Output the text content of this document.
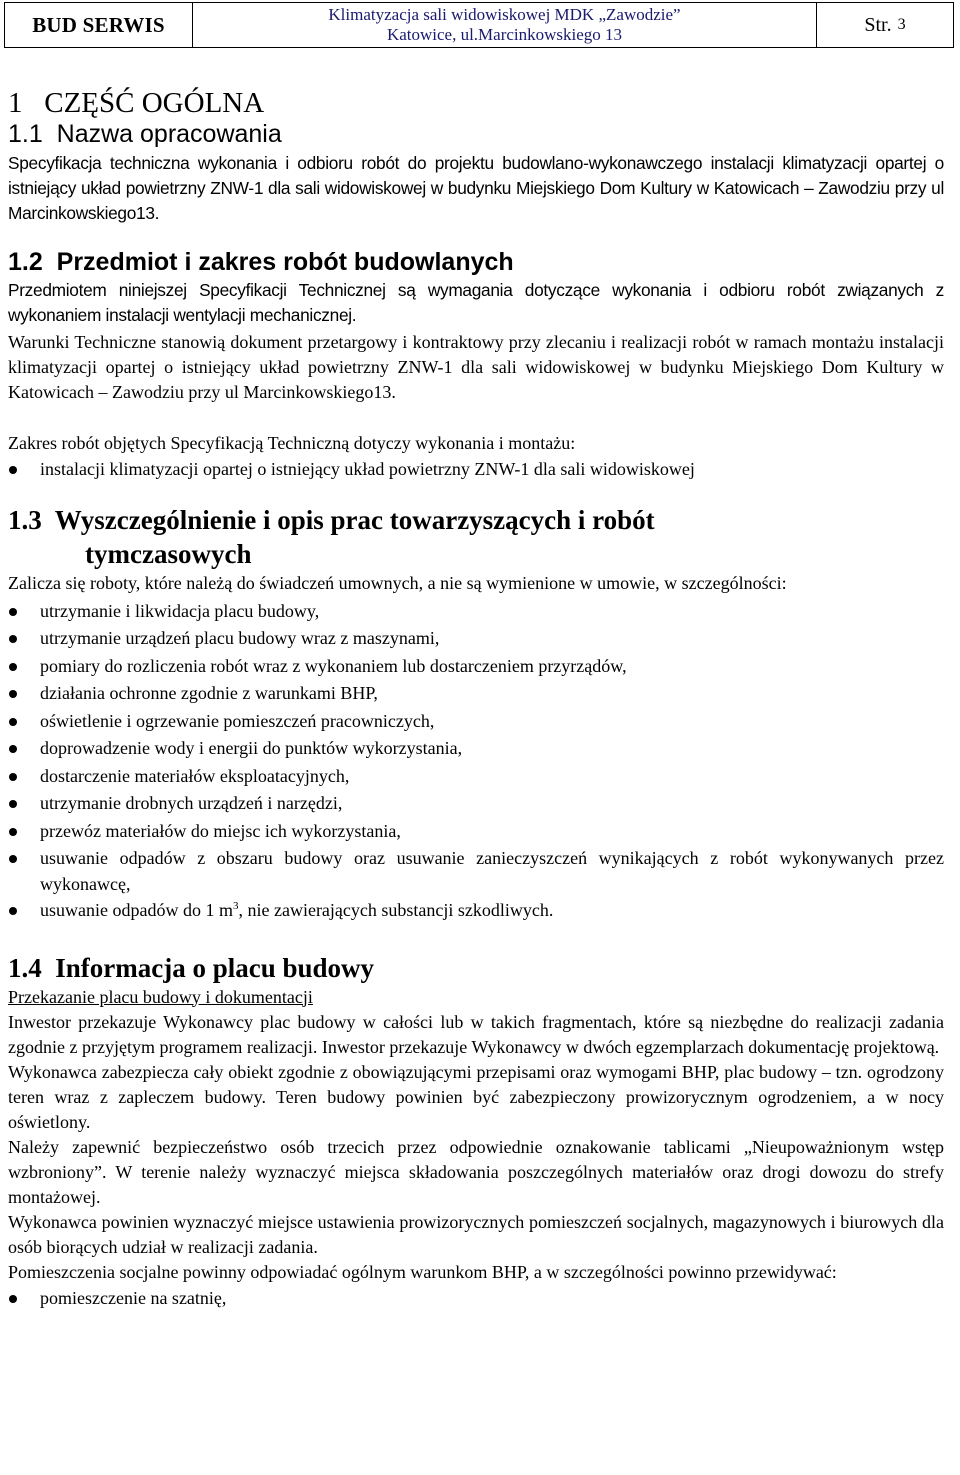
BUD SERWIS	Klimatyzacja sali widowiskowej MDK „Zawodzie”
Katowice, ul.Marcinkowskiego 13	Str. 3
1   CZĘŚĆ OGÓLNA
1.1  Nazwa opracowania

Specyfikacja techniczna wykonania i odbioru robót do projektu budowlano-wykonawczego instalacji klimatyzacji opartej o istniejący układ powietrzny ZNW-1 dla sali widowiskowej w budynku Miejskiego Dom Kultury w Katowicach – Zawodziu przy ul Marcinkowskiego13.

1.2  Przedmiot i zakres robót budowlanych

Przedmiotem niniejszej Specyfikacji Technicznej są wymagania dotyczące wykonania i odbioru robót związanych z wykonaniem instalacji wentylacji mechanicznej.

Warunki Techniczne stanowią dokument przetargowy i kontraktowy przy zlecaniu i realizacji robót w ramach montażu instalacji klimatyzacji opartej o istniejący układ powietrzny ZNW-1 dla sali widowiskowej w budynku Miejskiego Dom Kultury w Katowicach – Zawodziu przy ul Marcinkowskiego13.

Zakres robót objętych Specyfikacją Techniczną dotyczy wykonania i montażu:

instalacji klimatyzacji opartej o istniejący układ powietrzny ZNW-1 dla sali widowiskowej
1.3  Wyszczególnienie i opis prac towarzyszących i robót
tymczasowych

Zalicza się roboty, które należą do świadczeń umownych, a nie są wymienione w umowie, w szczególności:

utrzymanie i likwidacja placu budowy,
utrzymanie urządzeń placu budowy wraz z maszynami,
pomiary do rozliczenia robót wraz z wykonaniem lub dostarczeniem przyrządów,
działania ochronne zgodnie z warunkami BHP,
oświetlenie i ogrzewanie pomieszczeń pracowniczych,
doprowadzenie wody i energii do punktów wykorzystania,
dostarczenie materiałów eksploatacyjnych,
utrzymanie drobnych urządzeń i narzędzi,
przewóz materiałów do miejsc ich wykorzystania,
usuwanie odpadów z obszaru budowy oraz usuwanie zanieczyszczeń wynikających z robót wykonywanych przez wykonawcę,
usuwanie odpadów do 1 $m^3$, nie zawierających substancji szkodliwych.
1.4  Informacja o placu budowy

Przekazanie placu budowy i dokumentacji

Inwestor przekazuje Wykonawcy plac budowy w całości lub w takich fragmentach, które są niezbędne do realizacji zadania zgodnie z przyjętym programem realizacji. Inwestor przekazuje Wykonawcy w dwóch egzemplarzach dokumentację projektową.

Wykonawca zabezpiecza cały obiekt zgodnie z obowiązującymi przepisami oraz wymogami BHP, plac budowy – tzn. ogrodzony teren wraz z zapleczem budowy. Teren budowy powinien być zabezpieczony prowizorycznym ogrodzeniem, a w nocy oświetlony.

Należy zapewnić bezpieczeństwo osób trzecich przez odpowiednie oznakowanie tablicami „Nieupoważnionym wstęp wzbroniony”. W terenie należy wyznaczyć miejsca składowania poszczególnych materiałów oraz drogi dowozu do strefy montażowej.

Wykonawca powinien wyznaczyć miejsce ustawienia prowizorycznych pomieszczeń socjalnych, magazynowych i biurowych dla osób biorących udział w realizacji zadania.

Pomieszczenia socjalne powinny odpowiadać ogólnym warunkom BHP, a w szczególności powinno przewidywać:

pomieszczenie na szatnię,
